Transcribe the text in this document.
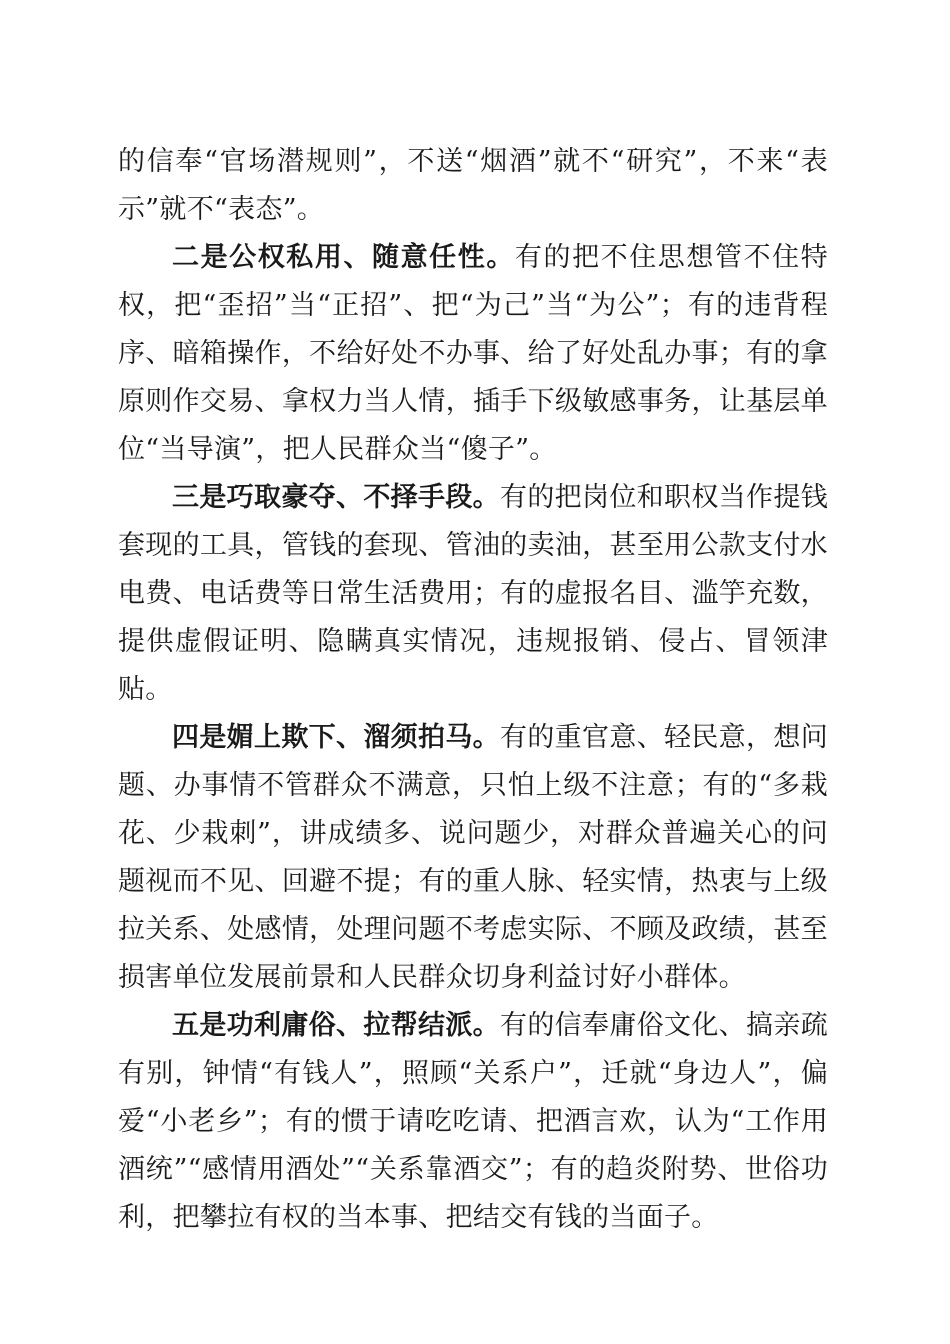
的信奉“官场潜规则”，不送“烟酒”就不“研究”，不来“表示”就不“表态”。

二是公权私用、随意任性。有的把不住思想管不住特权，把“歪招”当“正招”、把“为己”当“为公”；有的违背程序、暗箱操作，不给好处不办事、给了好处乱办事；有的拿原则作交易、拿权力当人情，插手下级敏感事务，让基层单位“当导演”，把人民群众当“傻子”。

三是巧取豪夺、不择手段。有的把岗位和职权当作提钱套现的工具，管钱的套现、管油的卖油，甚至用公款支付水电费、电话费等日常生活费用；有的虚报名目、滥竽充数，提供虚假证明、隐瞒真实情况，违规报销、侵占、冒领津贴。

四是媚上欺下、溜须拍马。有的重官意、轻民意，想问题、办事情不管群众不满意，只怕上级不注意；有的“多栽花、少栽刺”，讲成绩多、说问题少，对群众普遍关心的问题视而不见、回避不提；有的重人脉、轻实情，热衷与上级拉关系、处感情，处理问题不考虑实际、不顾及政绩，甚至损害单位发展前景和人民群众切身利益讨好小群体。

五是功利庸俗、拉帮结派。有的信奉庸俗文化、搞亲疏有别，钟情“有钱人”，照顾“关系户”，迁就“身边人”，偏爱“小老乡”；有的惯于请吃吃请、把酒言欢，认为“工作用酒统”“感情用酒处”“关系靠酒交”；有的趋炎附势、世俗功利，把攀拉有权的当本事、把结交有钱的当面子。
